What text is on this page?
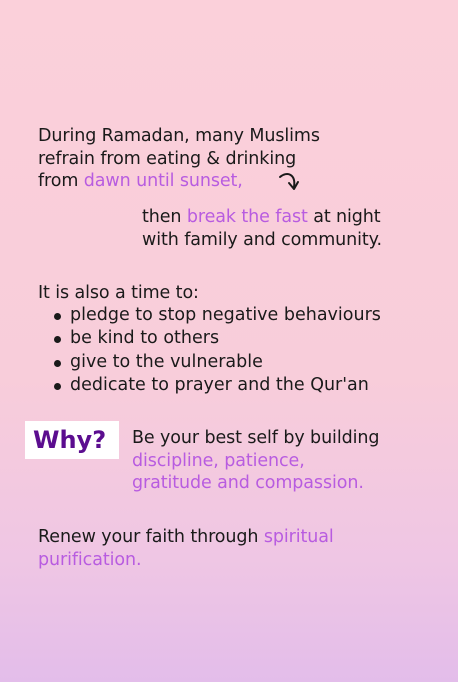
During Ramadan, many Muslims
refrain from eating & drinking
from dawn until sunset,
then break the fast at night
with family and community.
It is also a time to:
pledge to stop negative behaviours
be kind to others
give to the vulnerable
dedicate to prayer and the Qur'an
Why? Be your best self by building
discipline, patience,
gratitude and compassion.
Renew your faith through spiritual
purification.
